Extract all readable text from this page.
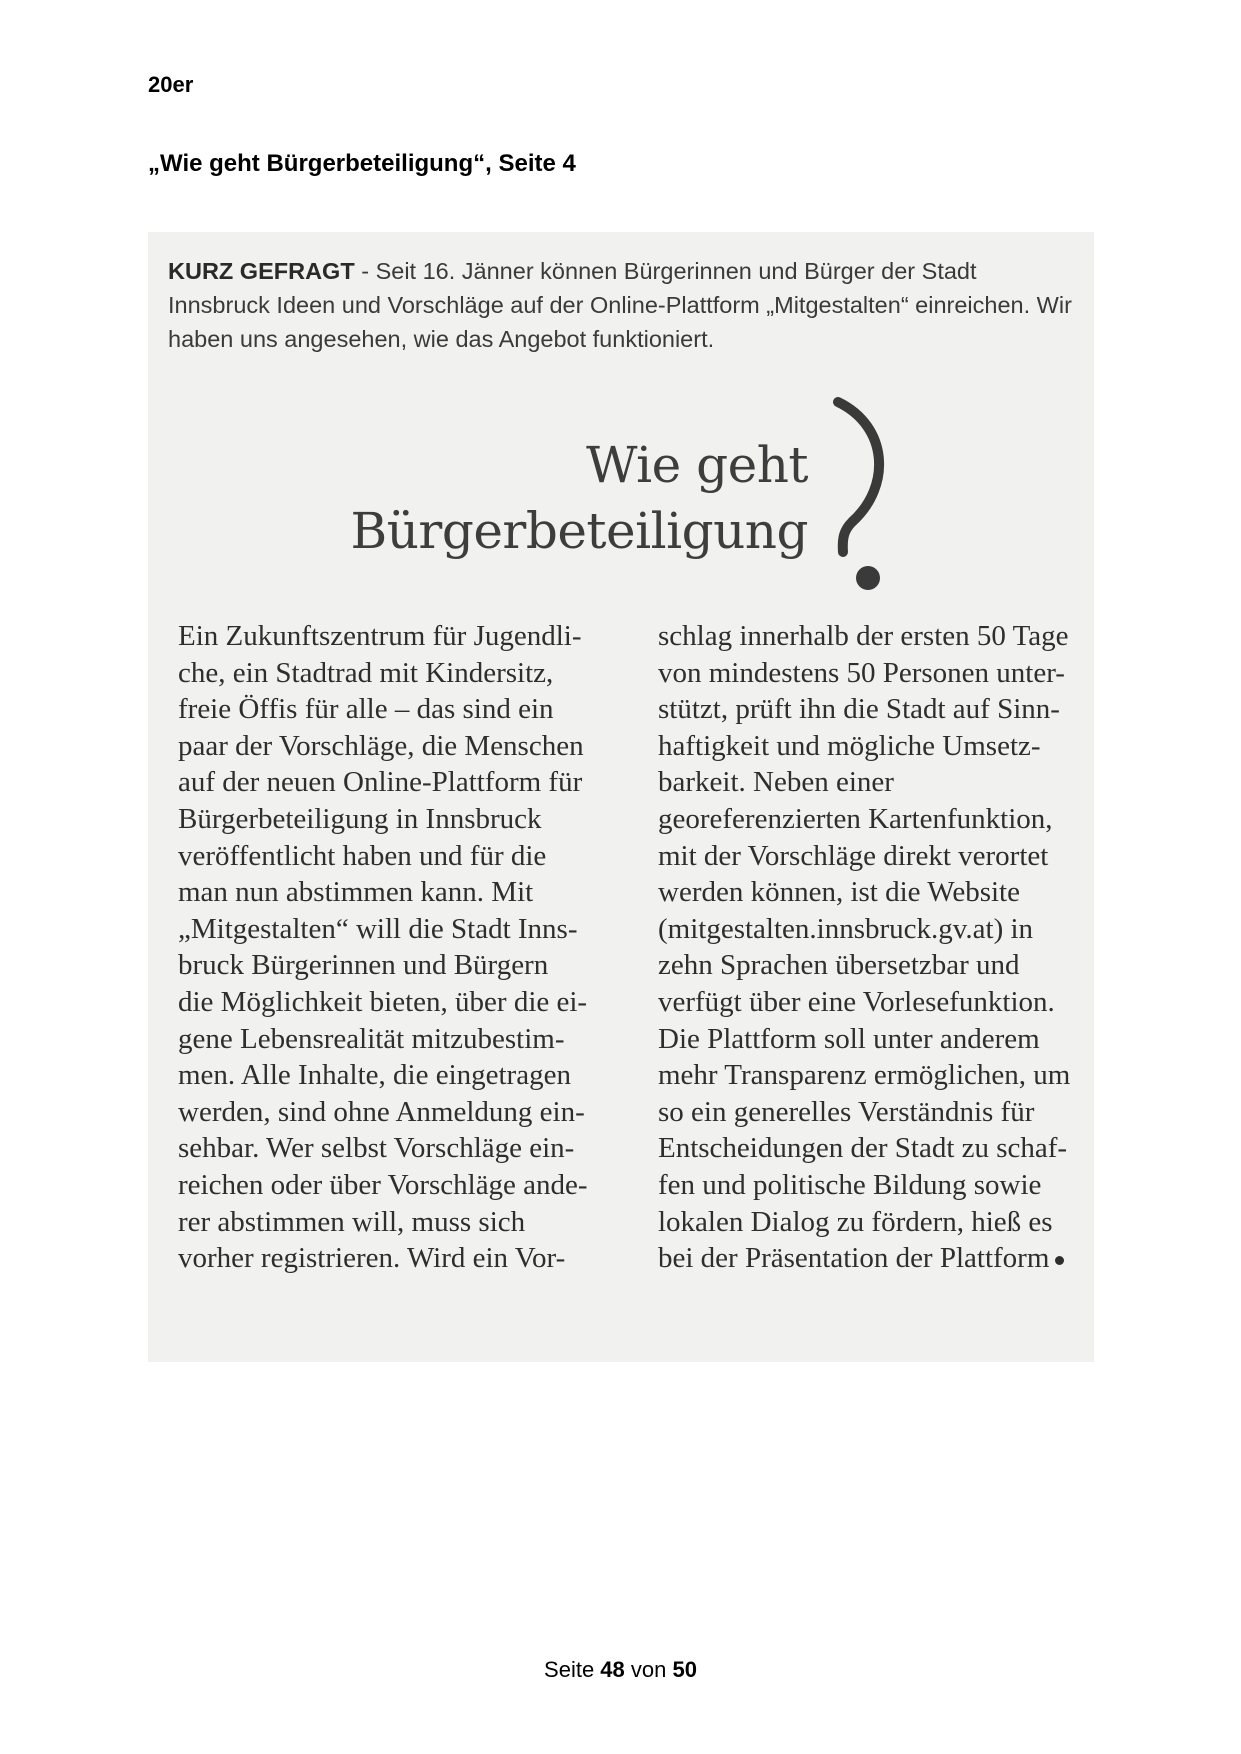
20er
„Wie geht Bürgerbeteiligung“, Seite 4
KURZ GEFRAGT - Seit 16. Jänner können Bürgerinnen und Bürger der Stadt Innsbruck Ideen und Vorschläge auf der Online-Plattform „Mitgestalten“ einreichen. Wir haben uns angesehen, wie das Angebot funktioniert.
Wie geht
Bürgerbeteiligung
Ein Zukunftszentrum für Jugendli-
che, ein Stadtrad mit Kindersitz,
freie Öffis für alle – das sind ein
paar der Vorschläge, die Menschen
auf der neuen Online-Plattform für
Bürgerbeteiligung in Innsbruck
veröffentlicht haben und für die
man nun abstimmen kann. Mit
„Mitgestalten“ will die Stadt Inns-
bruck Bürgerinnen und Bürgern
die Möglichkeit bieten, über die ei-
gene Lebensrealität mitzubestim-
men. Alle Inhalte, die eingetragen
werden, sind ohne Anmeldung ein-
sehbar. Wer selbst Vorschläge ein-
reichen oder über Vorschläge ande-
rer abstimmen will, muss sich
vorher registrieren. Wird ein Vor-
schlag innerhalb der ersten 50 Tage
von mindestens 50 Personen unter-
stützt, prüft ihn die Stadt auf Sinn-
haftigkeit und mögliche Umsetz-
barkeit. Neben einer
georeferenzierten Kartenfunktion,
mit der Vorschläge direkt verortet
werden können, ist die Website
(mitgestalten.innsbruck.gv.at) in
zehn Sprachen übersetzbar und
verfügt über eine Vorlesefunktion.
Die Plattform soll unter anderem
mehr Transparenz ermöglichen, um
so ein generelles Verständnis für
Entscheidungen der Stadt zu schaf-
fen und politische Bildung sowie
lokalen Dialog zu fördern, hieß es
bei der Präsentation der Plattform
Seite 48 von 50
